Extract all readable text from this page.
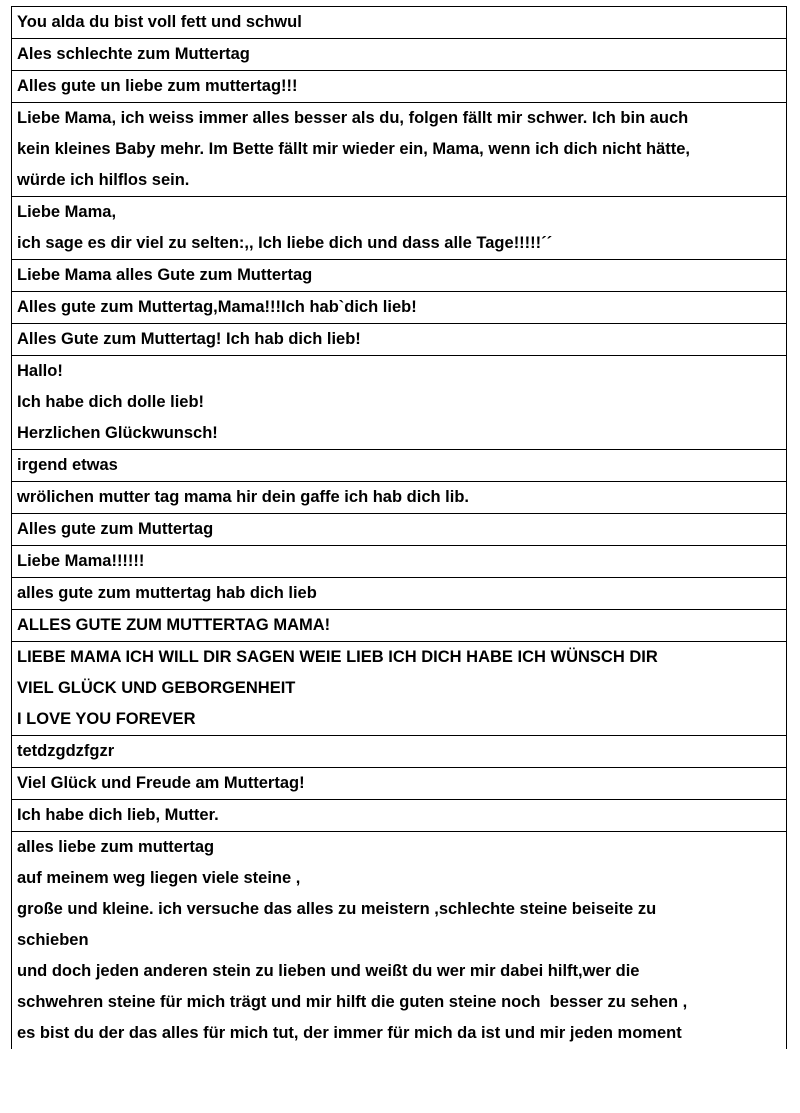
You alda du bist voll fett und schwul
Ales schlechte zum Muttertag
Alles gute un liebe zum muttertag!!!
Liebe Mama, ich weiss immer alles besser als du, folgen fällt mir schwer. Ich bin auch
kein kleines Baby mehr. Im Bette fällt mir wieder ein, Mama, wenn ich dich nicht hätte,
würde ich hilflos sein.
Liebe Mama,
ich sage es dir viel zu selten:,, Ich liebe dich und dass alle Tage!!!!!´´
Liebe Mama alles Gute zum Muttertag
Alles gute zum Muttertag,Mama!!!Ich hab`dich lieb!
Alles Gute zum Muttertag! Ich hab dich lieb!
Hallo!
Ich habe dich dolle lieb!
Herzlichen Glückwunsch!
irgend etwas
wrölichen mutter tag mama hir dein gaffe ich hab dich lib.
Alles gute zum Muttertag
Liebe Mama!!!!!!
alles gute zum muttertag hab dich lieb
ALLES GUTE ZUM MUTTERTAG MAMA!
LIEBE MAMA ICH WILL DIR SAGEN WEIE LIEB ICH DICH HABE ICH WÜNSCH DIR
VIEL GLÜCK UND GEBORGENHEIT
I LOVE YOU FOREVER
tetdzgdzfgzr
Viel Glück und Freude am Muttertag!
Ich habe dich lieb, Mutter.
alles liebe zum muttertag
auf meinem weg liegen viele steine ,
große und kleine. ich versuche das alles zu meistern ,schlechte steine beiseite zu
schieben
und doch jeden anderen stein zu lieben und weißt du wer mir dabei hilft,wer die
schwehren steine für mich trägt und mir hilft die guten steine noch  besser zu sehen ,
es bist du der das alles für mich tut, der immer für mich da ist und mir jeden moment
